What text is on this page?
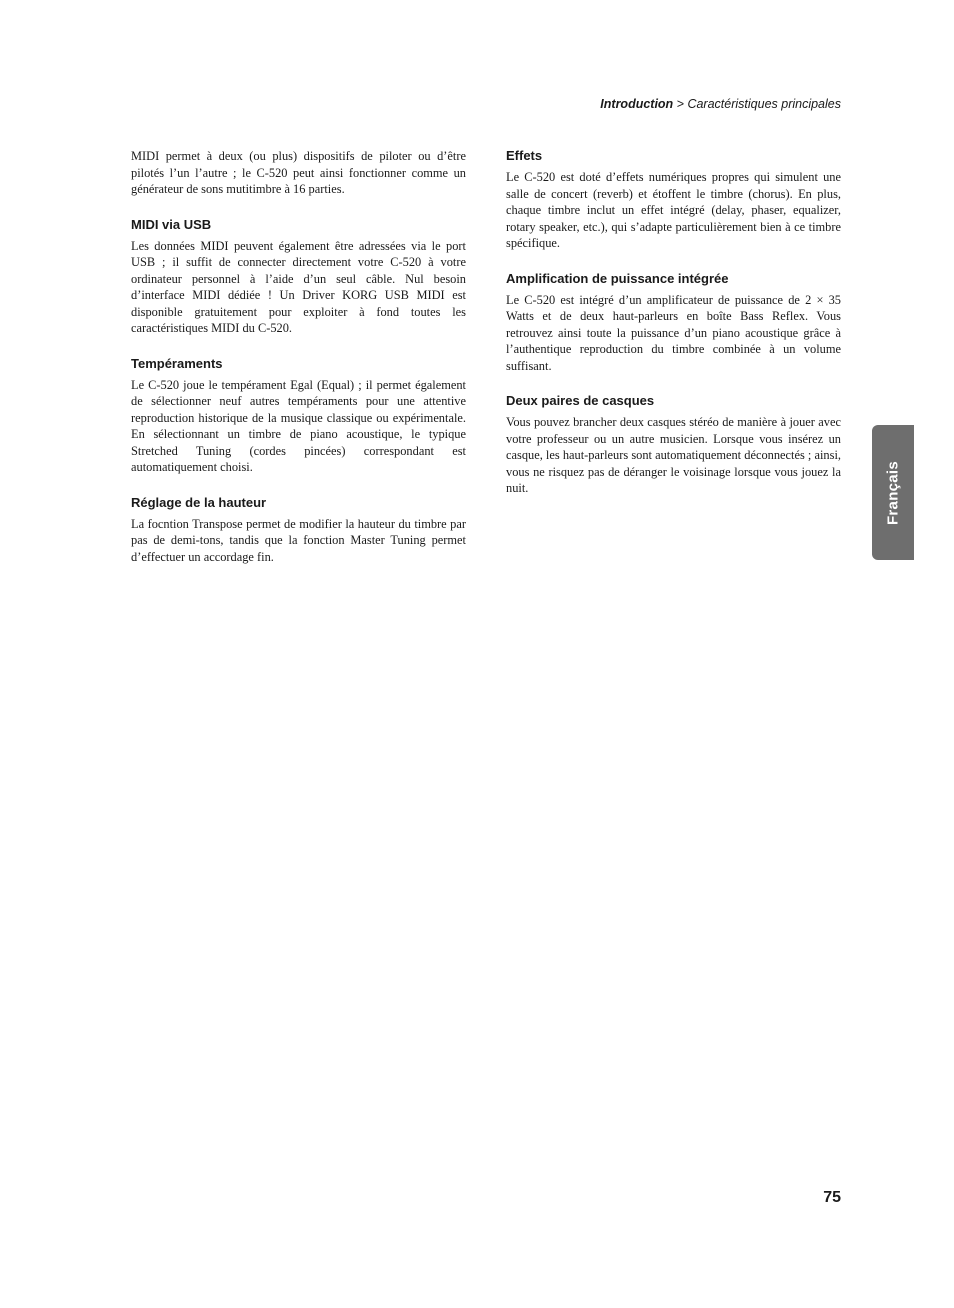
Introduction > Caractéristiques principales

MIDI permet à deux (ou plus) dispositifs de piloter ou d’être pilotés l’un l’autre ; le C-520 peut ainsi fonctionner comme un générateur de sons mutitimbre à 16 parties.

MIDI via USB

Les données MIDI peuvent également être adressées via le port USB ; il suffit de connecter directement votre C-520 à votre ordinateur personnel à l’aide d’un seul câble. Nul besoin d’interface MIDI dédiée ! Un Driver KORG USB MIDI est disponible gratuitement pour exploiter à fond toutes les caractéristiques MIDI du C-520.

Tempéraments

Le C-520 joue le tempérament Egal (Equal) ; il permet également de sélectionner neuf autres tempéraments pour une attentive reproduction historique de la musique classique ou expérimentale. En sélectionnant un timbre de piano acoustique, le typique Stretched Tuning (cordes pincées) correspondant est automatiquement choisi.

Réglage de la hauteur

La focntion Transpose permet de modifier la hauteur du timbre par pas de demi-tons, tandis que la fonction Master Tuning permet d’effectuer un accordage fin.

Effets

Le C-520 est doté d’effets numériques propres qui simulent une salle de concert (reverb) et étoffent le timbre (chorus). En plus, chaque timbre inclut un effet intégré (delay, phaser, equalizer, rotary speaker, etc.), qui s’adapte particulièrement bien à ce timbre spécifique.

Amplification de puissance intégrée

Le C-520 est intégré d’un amplificateur de puissance de 2 × 35 Watts et de deux haut-parleurs en boîte Bass Reflex. Vous retrouvez ainsi toute la puissance d’un piano acoustique grâce à l’authentique reproduction du timbre combinée à un volume suffisant.

Deux paires de casques

Vous pouvez brancher deux casques stéréo de manière à jouer avec votre professeur ou un autre musicien. Lorsque vous insérez un casque, les haut-parleurs sont automatiquement déconnectés ; ainsi, vous ne risquez pas de déranger le voisinage lorsque vous jouez la nuit.	Français
75
